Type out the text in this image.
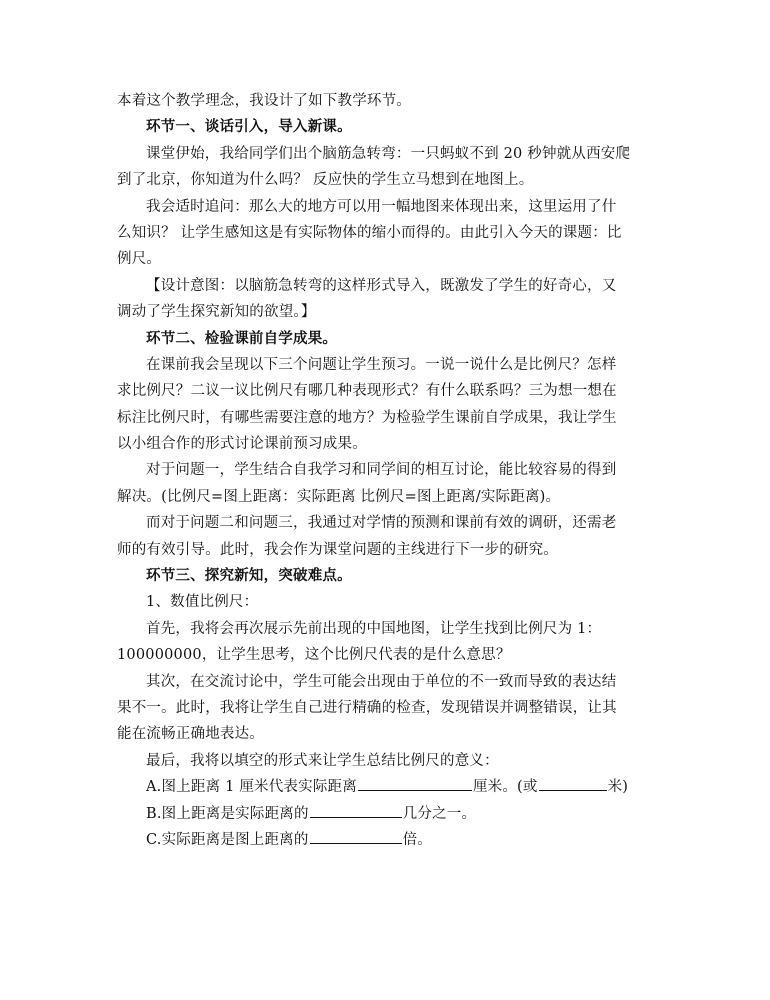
本着这个教学理念，我设计了如下教学环节。
环节一、谈话引入，导入新课。
课堂伊始，我给同学们出个脑筋急转弯：一只蚂蚁不到 20 秒钟就从西安爬
到了北京，你知道为什么吗？ 反应快的学生立马想到在地图上。
我会适时追问：那么大的地方可以用一幅地图来体现出来，这里运用了什
么知识？ 让学生感知这是有实际物体的缩小而得的。由此引入今天的课题：比
例尺。
【设计意图：以脑筋急转弯的这样形式导入，既激发了学生的好奇心，又
调动了学生探究新知的欲望。】
环节二、检验课前自学成果。
在课前我会呈现以下三个问题让学生预习。一说一说什么是比例尺？怎样
求比例尺？二议一议比例尺有哪几种表现形式？有什么联系吗？三为想一想在
标注比例尺时，有哪些需要注意的地方？为检验学生课前自学成果，我让学生
以小组合作的形式讨论课前预习成果。
对于问题一，学生结合自我学习和同学间的相互讨论，能比较容易的得到
解决。(比例尺=图上距离：实际距离 比例尺=图上距离/实际距离)。
而对于问题二和问题三，我通过对学情的预测和课前有效的调研，还需老
师的有效引导。此时，我会作为课堂问题的主线进行下一步的研究。
环节三、探究新知，突破难点。
1、数值比例尺：
首先，我将会再次展示先前出现的中国地图，让学生找到比例尺为 1：
100000000，让学生思考，这个比例尺代表的是什么意思？
其次，在交流讨论中，学生可能会出现由于单位的不一致而导致的表达结
果不一。此时，我将让学生自己进行精确的检查，发现错误并调整错误，让其
能在流畅正确地表达。
最后，我将以填空的形式来让学生总结比例尺的意义：
A.图上距离 1 厘米代表实际距离	厘米。(或	米)
B.图上距离是实际距离的	几分之一。
C.实际距离是图上距离的	倍。
